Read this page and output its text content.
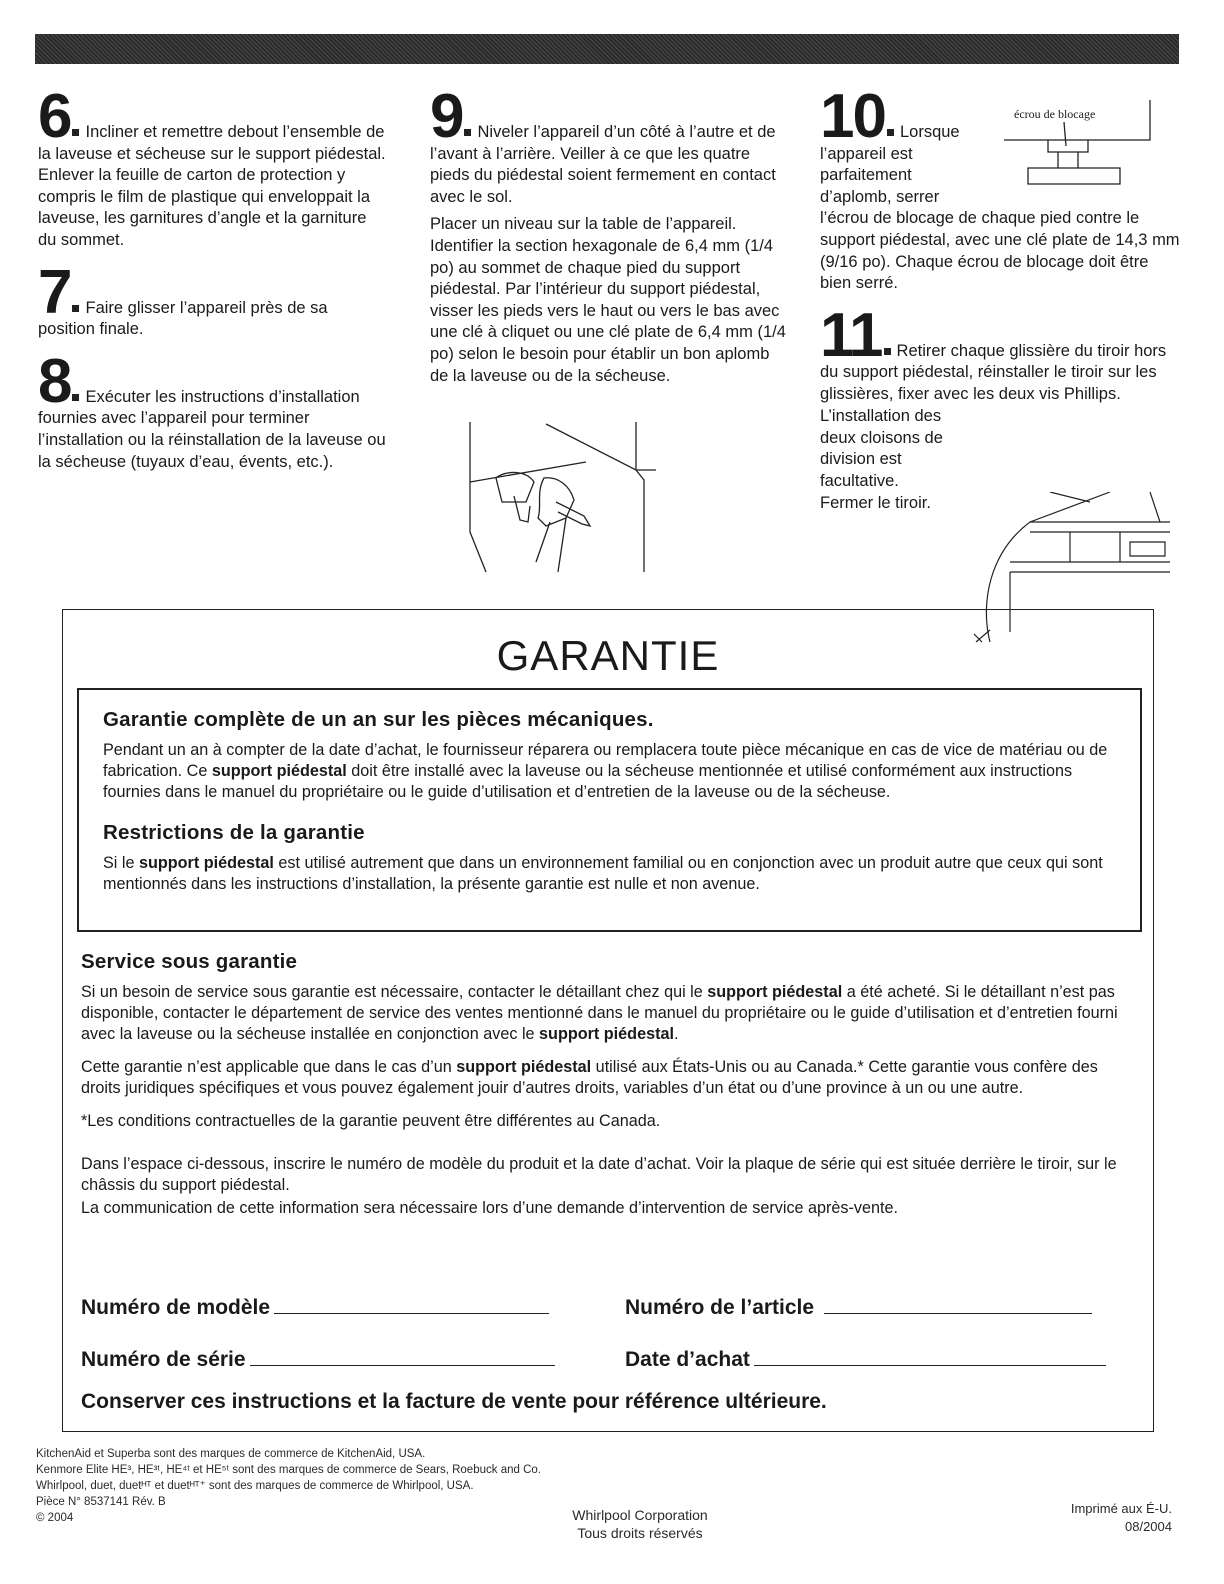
6 Incliner et remettre debout l’ensemble de la laveuse et sécheuse sur le support piédestal. Enlever la feuille de carton de protection y compris le film de plastique qui enveloppait la laveuse, les garnitures d’angle et la garniture du sommet.
7 Faire glisser l’appareil près de sa position finale.
8 Exécuter les instructions d’installation fournies avec l’appareil pour terminer l’installation ou la réinstallation de la laveuse ou la sécheuse (tuyaux d’eau, évents, etc.).

9 Niveler l’appareil d’un côté à l’autre et de l’avant à l’arrière. Veiller à ce que les quatre pieds du piédestal soient fermement en contact avec le sol.

Placer un niveau sur la table de l’appareil. Identifier la section hexagonale de 6,4 mm (1/4 po) au sommet de chaque pied du support piédestal. Par l’intérieur du support piédestal, visser les pieds vers le haut ou vers le bas avec une clé à cliquet ou une clé plate de 6,4 mm (1/4 po) selon le besoin pour établir un bon aplomb de la laveuse ou de la sécheuse.

10 Lorsque
l’appareil est
parfaitement
d’aplomb, serrer
l’écrou de blocage de chaque pied contre le support piédestal, avec une clé plate de 14,3 mm (9/16 po). Chaque écrou de blocage doit être bien serré.
écrou de blocage
11 Retirer chaque glissière du tiroir hors du support piédestal, réinstaller le tiroir sur les glissières, fixer avec les deux vis Phillips.

L’installation des
deux cloisons de
division est
facultative.
Fermer le tiroir.
GARANTIE
Garantie complète de un an sur les pièces mécaniques.

Pendant un an à compter de la date d’achat, le fournisseur réparera ou remplacera toute pièce mécanique en cas de vice de matériau ou de fabrication. Ce support piédestal doit être installé avec la laveuse ou la sécheuse mentionnée et utilisé conformément aux instructions fournies dans le manuel du propriétaire ou le guide d’utilisation et d’entretien de la laveuse ou de la sécheuse.

Restrictions de la garantie

Si le support piédestal est utilisé autrement que dans un environnement familial ou en conjonction avec un produit autre que ceux qui sont mentionnés dans les instructions d’installation, la présente garantie est nulle et non avenue.

Service sous garantie

Si un besoin de service sous garantie est nécessaire, contacter le détaillant chez qui le support piédestal a été acheté. Si le détaillant n’est pas disponible, contacter le département de service des ventes mentionné dans le manuel du propriétaire ou le guide d’utilisation et d’entretien fourni avec la laveuse ou la sécheuse installée en conjonction avec le support piédestal.

Cette garantie n’est applicable que dans le cas d’un support piédestal utilisé aux États-Unis ou au Canada.* Cette garantie vous confère des droits juridiques spécifiques et vous pouvez également jouir d’autres droits, variables d’un état ou d’une province à un ou une autre.

*Les conditions contractuelles de la garantie peuvent être différentes au Canada.

Dans l’espace ci-dessous, inscrire le numéro de modèle du produit et la date d’achat. Voir la plaque de série qui est située derrière le tiroir, sur le châssis du support piédestal.

La communication de cette information sera nécessaire lors d’une demande d’intervention de service après-vente.

Numéro de modèle	Numéro de l’article
Numéro de série	Date d’achat
Conserver ces instructions et la facture de vente pour référence ultérieure.
KitchenAid et Superba sont des marques de commerce de KitchenAid, USA.
Kenmore Elite HE³, HE³ᵗ, HE⁴ᵗ et HE⁵ᵗ sont des marques de commerce de Sears, Roebuck and Co.
Whirlpool, duet, duetᴴᵀ et duetᴴᵀ⁺ sont des marques de commerce de Whirlpool, USA.
Pièce N° 8537141 Rév. B
© 2004	Whirlpool Corporation
Tous droits réservés
Imprimé aux É-U.
08/2004
